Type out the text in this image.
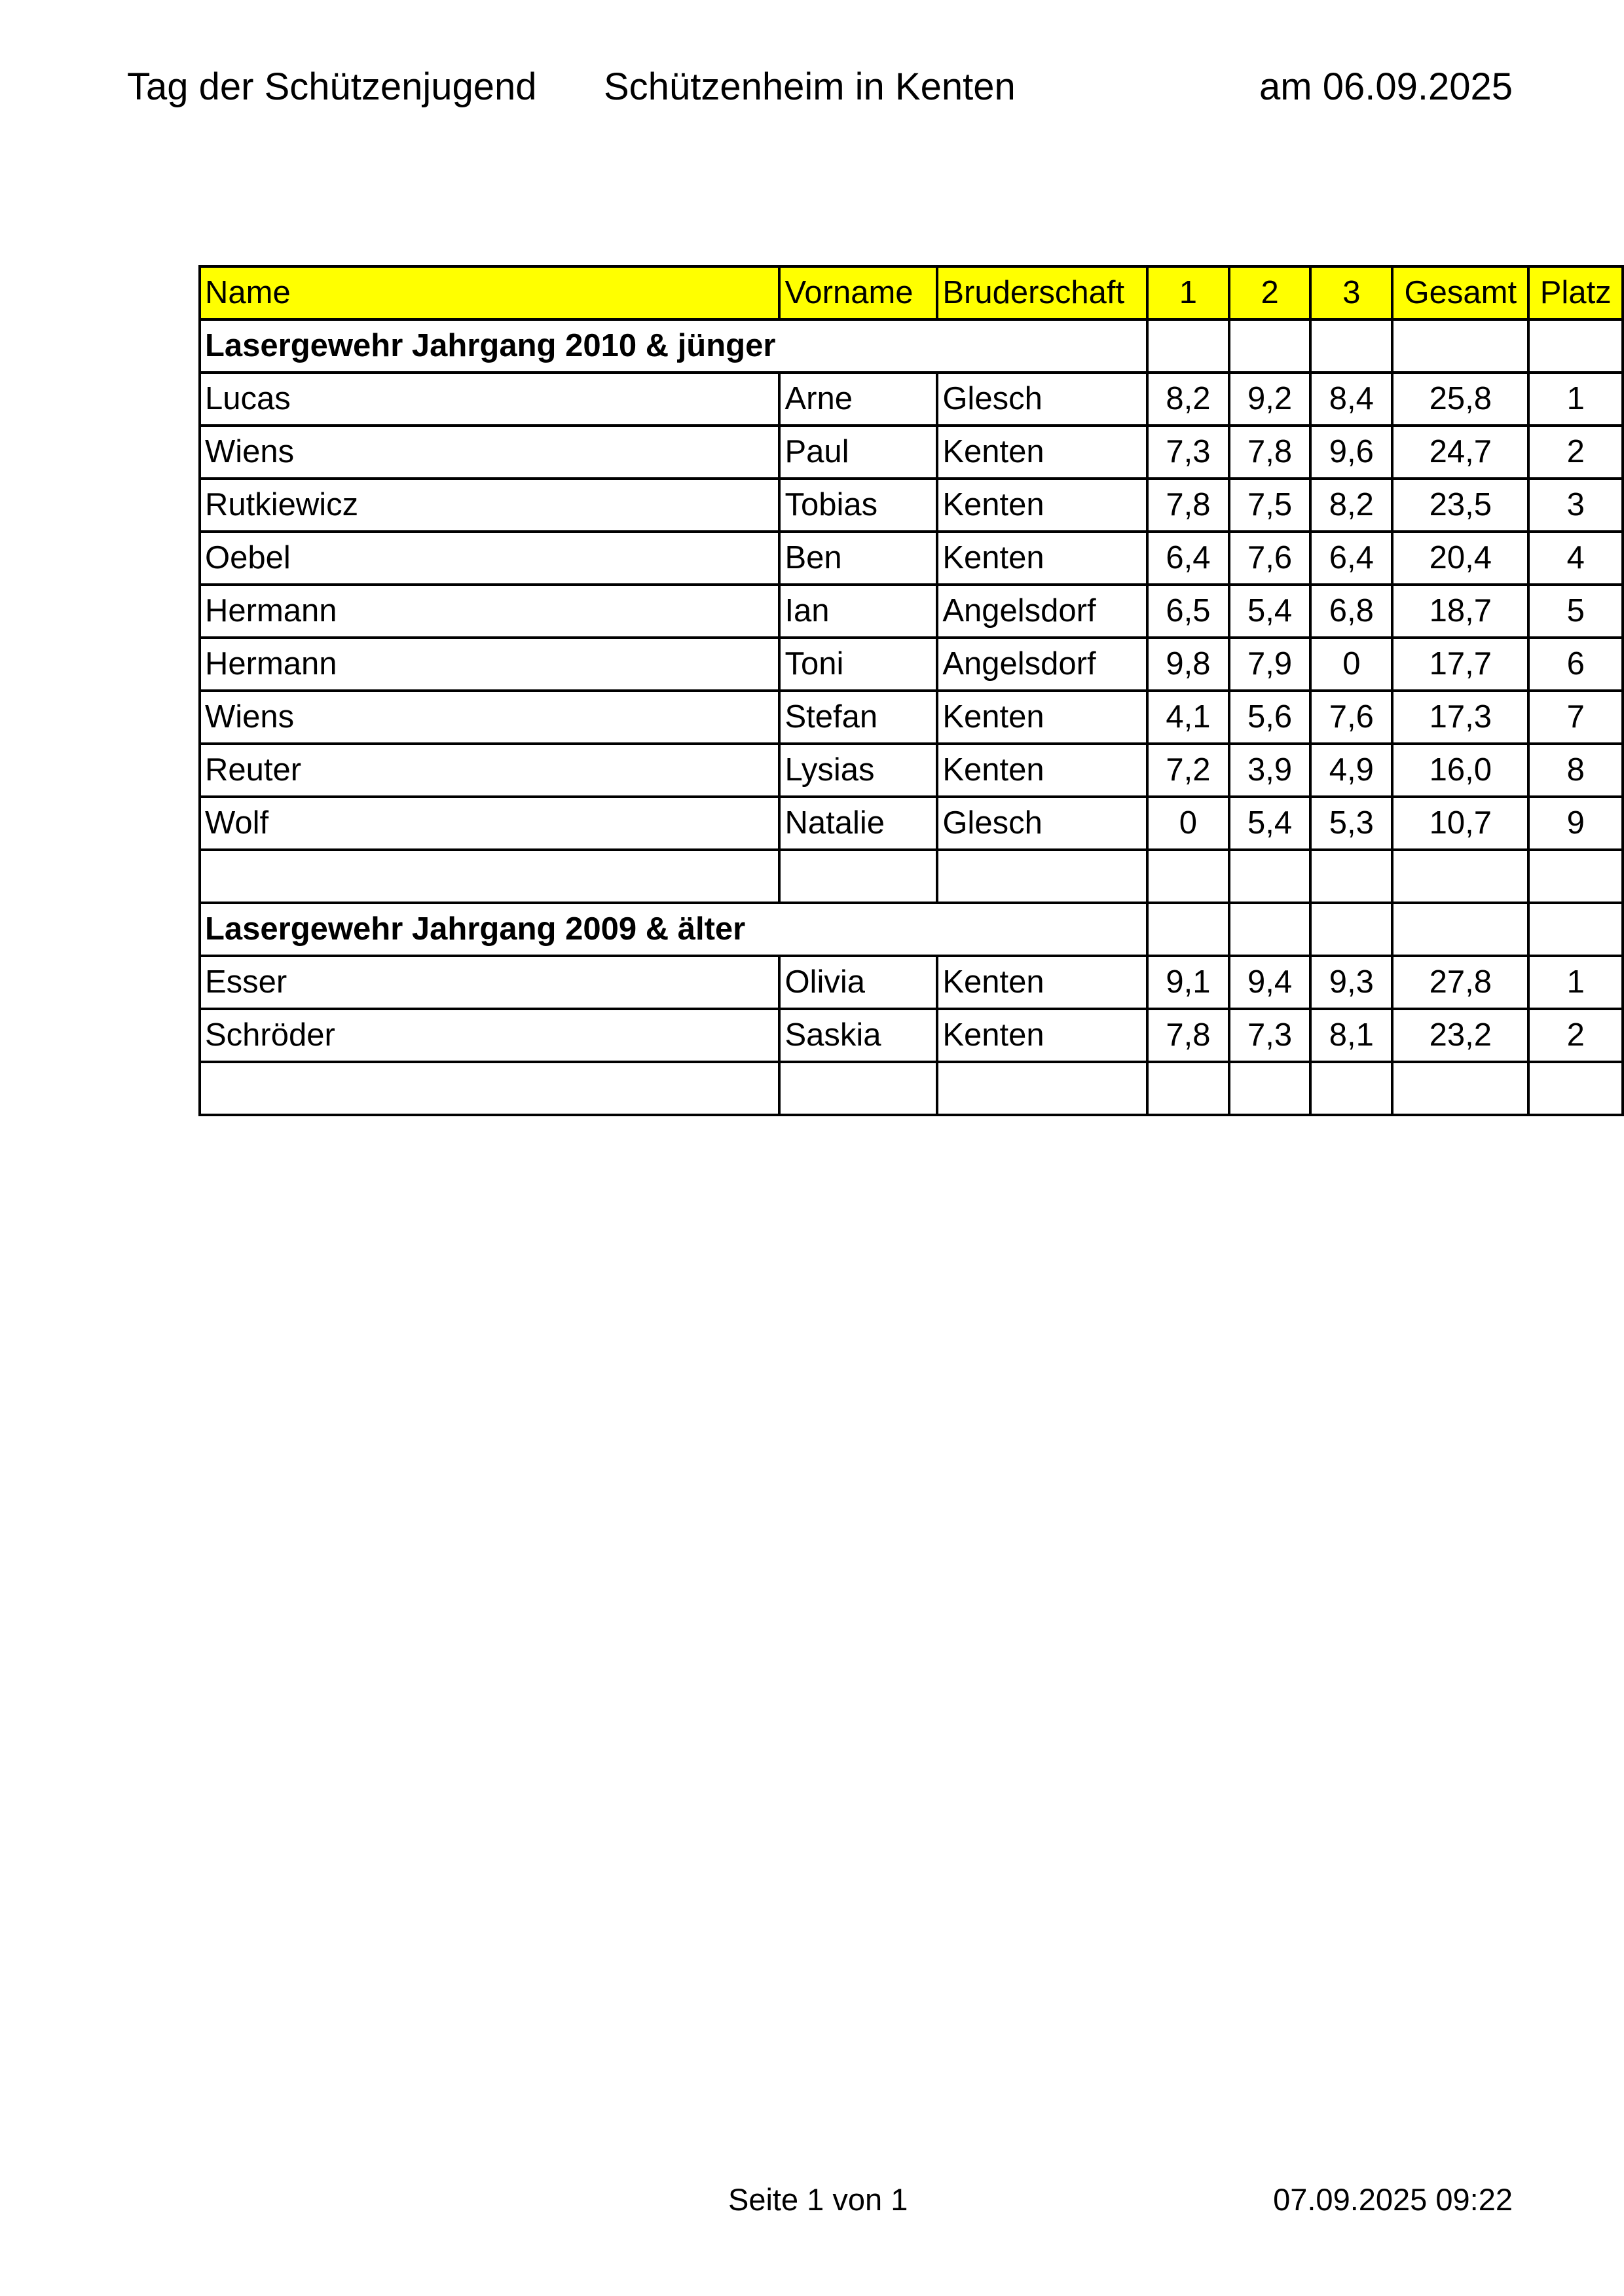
Tag der Schützenjugend Schützenheim in Kenten	am 06.09.2025
Name	Vorname	Bruderschaft	1	2	3	Gesamt	Platz
Lasergewehr Jahrgang 2010 & jünger							
Lucas	Arne	Glesch	8,2	9,2	8,4	25,8	1
Wiens	Paul	Kenten	7,3	7,8	9,6	24,7	2
Rutkiewicz	Tobias	Kenten	7,8	7,5	8,2	23,5	3
Oebel	Ben	Kenten	6,4	7,6	6,4	20,4	4
Hermann	Ian	Angelsdorf	6,5	5,4	6,8	18,7	5
Hermann	Toni	Angelsdorf	9,8	7,9	0	17,7	6
Wiens	Stefan	Kenten	4,1	5,6	7,6	17,3	7
Reuter	Lysias	Kenten	7,2	3,9	4,9	16,0	8
Wolf	Natalie	Glesch	0	5,4	5,3	10,7	9

Lasergewehr Jahrgang 2009 & älter							
Esser	Olivia	Kenten	9,1	9,4	9,3	27,8	1
Schröder	Saskia	Kenten	7,8	7,3	8,1	23,2	2

Seite 1 von 1	07.09.2025 09:22
